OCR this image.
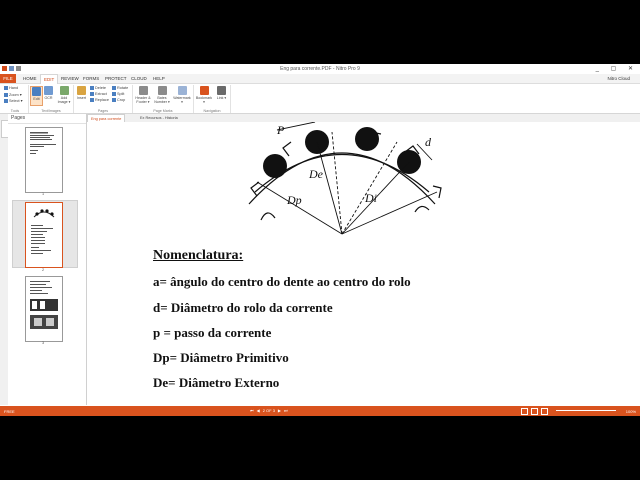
Eng para corrente.PDF - Nitro Pro 9	_ ▢ ✕
FILE	HOME	EDIT	REVIEW FORMS	PROTECT CLOUD	HELP	Nitro Cloud
Hand
Zoom ▾
Select ▾
Tools
Edit	OCR	Add Image ▾
Text/Images
Insert
Delete
Extract
Replace
Rotate
Split
Crop
Pages
Header & Footer ▾
Bates Number ▾
Watermark ▾
Page Marks
Bookmark ▾
Link ▾
Navigation
Pages
1
2
3
Eng para corrente	Ex Recursos - Historia
P
d
De
Dp	Di
Nomenclatura:
a= ângulo do centro do dente ao centro do rolo
d= Diâmetro do rolo da corrente
p = passo da corrente
Dp= Diâmetro Primitivo
De= Diâmetro Externo
FREE	⏮ ◀ 2 OF 3 ▶ ⏭	100%
